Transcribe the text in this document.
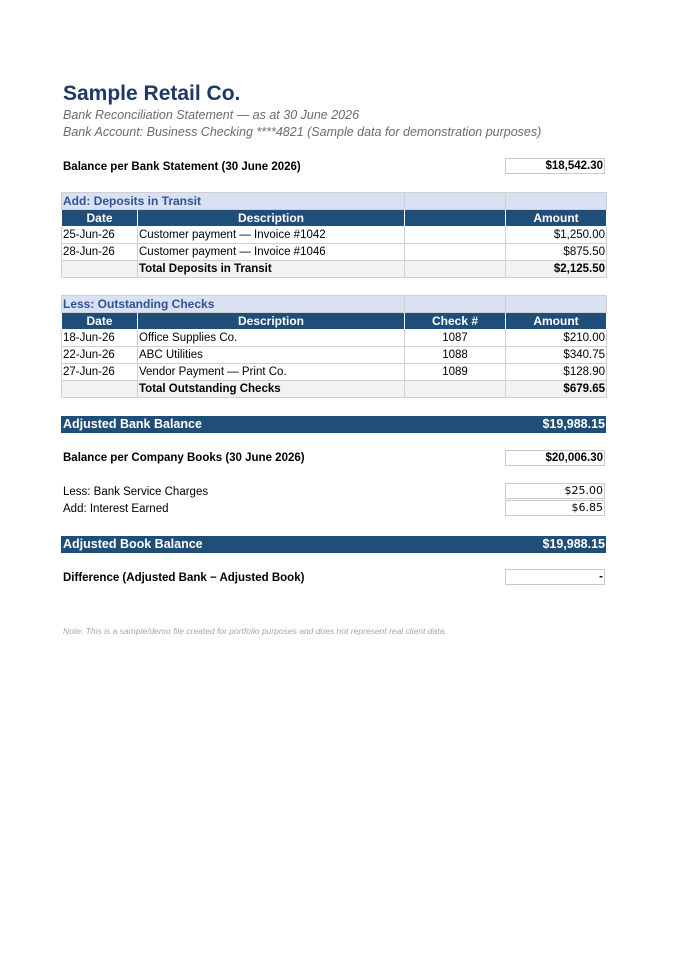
Sample Retail Co.
Bank Reconciliation Statement — as at 30 June 2026
Bank Account: Business Checking ****4821 (Sample data for demonstration purposes)
Balance per Bank Statement (30 June 2026)	$18,542.30
Add: Deposits in Transit			
Date	Description		Amount
25-Jun-26	Customer payment — Invoice #1042		$1,250.00
28-Jun-26	Customer payment — Invoice #1046		$875.50
	Total Deposits in Transit		$2,125.50
Less: Outstanding Checks			
Date	Description	Check #	Amount
18-Jun-26	Office Supplies Co.	1087	$210.00
22-Jun-26	ABC Utilities	1088	$340.75
27-Jun-26	Vendor Payment — Print Co.	1089	$128.90
	Total Outstanding Checks		$679.65
Adjusted Bank Balance	$19,988.15
Balance per Company Books (30 June 2026)	$20,006.30
Less: Bank Service Charges	$25.00
Add: Interest Earned	$6.85
Adjusted Book Balance	$19,988.15
Difference (Adjusted Bank − Adjusted Book)	-
Note: This is a sample/demo file created for portfolio purposes and does not represent real client data.
